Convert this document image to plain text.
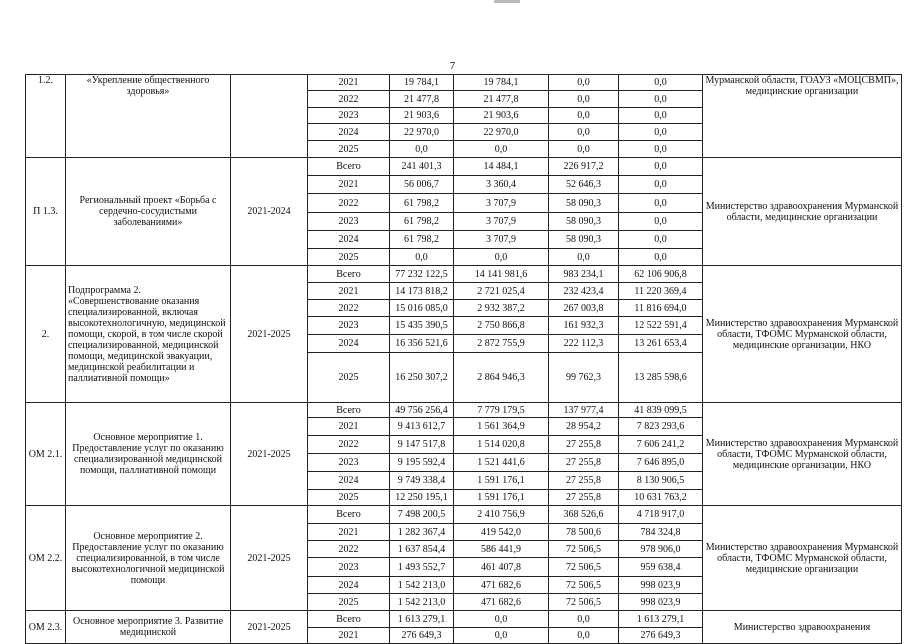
7
1.2.	«Укрепление общественного здоровья»		2021	19 784,1	19 784,1	0,0	0,0	Мурманской области, ГОАУЗ «МОЦСВМП», медицинские организации
			2022	21 477,8	21 477,8	0,0	0,0	
			2023	21 903,6	21 903,6	0,0	0,0	
			2024	22 970,0	22 970,0	0,0	0,0	
			2025	0,0	0,0	0,0	0,0	
П 1.3.	Региональный проект «Борьба с сердечно-сосудистыми заболеваниями»	2021-2024	Всего	241 401,3	14 484,1	226 917,2	0,0	Министерство здравоохранения Мурманской области, медицинские организации
			2021	56 006,7	3 360,4	52 646,3	0,0	
			2022	61 798,2	3 707,9	58 090,3	0,0	
			2023	61 798,2	3 707,9	58 090,3	0,0	
			2024	61 798,2	3 707,9	58 090,3	0,0	
			2025	0,0	0,0	0,0	0,0	
2.	Подпрограмма 2. «Совершенствование оказания специализированной, включая высокотехнологичную, медицинской помощи, скорой, в том числе скорой специализированной, медицинской помощи, медицинской эвакуации, медицинской реабилитации и паллиативной помощи»	2021-2025	Всего	77 232 122,5	14 141 981,6	983 234,1	62 106 906,8	Министерство здравоохранения Мурманской области, ТФОМС Мурманской области, медицинские организации, НКО
			2021	14 173 818,2	2 721 025,4	232 423,4	11 220 369,4	
			2022	15 016 085,0	2 932 387,2	267 003,8	11 816 694,0	
			2023	15 435 390,5	2 750 866,8	161 932,3	12 522 591,4	
			2024	16 356 521,6	2 872 755,9	222 112,3	13 261 653,4	
			2025	16 250 307,2	2 864 946,3	99 762,3	13 285 598,6	
ОМ 2.1.	Основное мероприятие 1. Предоставление услуг по оказанию специализированной медицинской помощи, паллиативной помощи	2021-2025	Всего	49 756 256,4	7 779 179,5	137 977,4	41 839 099,5	Министерство здравоохранения Мурманской области, ТФОМС Мурманской области, медицинские организации, НКО
			2021	9 413 612,7	1 561 364,9	28 954,2	7 823 293,6	
			2022	9 147 517,8	1 514 020,8	27 255,8	7 606 241,2	
			2023	9 195 592,4	1 521 441,6	27 255,8	7 646 895,0	
			2024	9 749 338,4	1 591 176,1	27 255,8	8 130 906,5	
			2025	12 250 195,1	1 591 176,1	27 255,8	10 631 763,2	
ОМ 2.2.	Основное мероприятие 2. Предоставление услуг по оказанию специализированной, в том числе высокотехнологичной медицинской помощи	2021-2025	Всего	7 498 200,5	2 410 756,9	368 526,6	4 718 917,0	Министерство здравоохранения Мурманской области, ТФОМС Мурманской области, медицинские организации
			2021	1 282 367,4	419 542,0	78 500,6	784 324,8	
			2022	1 637 854,4	586 441,9	72 506,5	978 906,0	
			2023	1 493 552,7	461 407,8	72 506,5	959 638,4	
			2024	1 542 213,0	471 682,6	72 506,5	998 023,9	
			2025	1 542 213,0	471 682,6	72 506,5	998 023,9	
ОМ 2.3.	Основное мероприятие 3. Развитие медицинской	2021-2025	Всего	1 613 279,1	0,0	0,0	1 613 279,1	Министерство здравоохранения
			2021	276 649,3	0,0	0,0	276 649,3	
